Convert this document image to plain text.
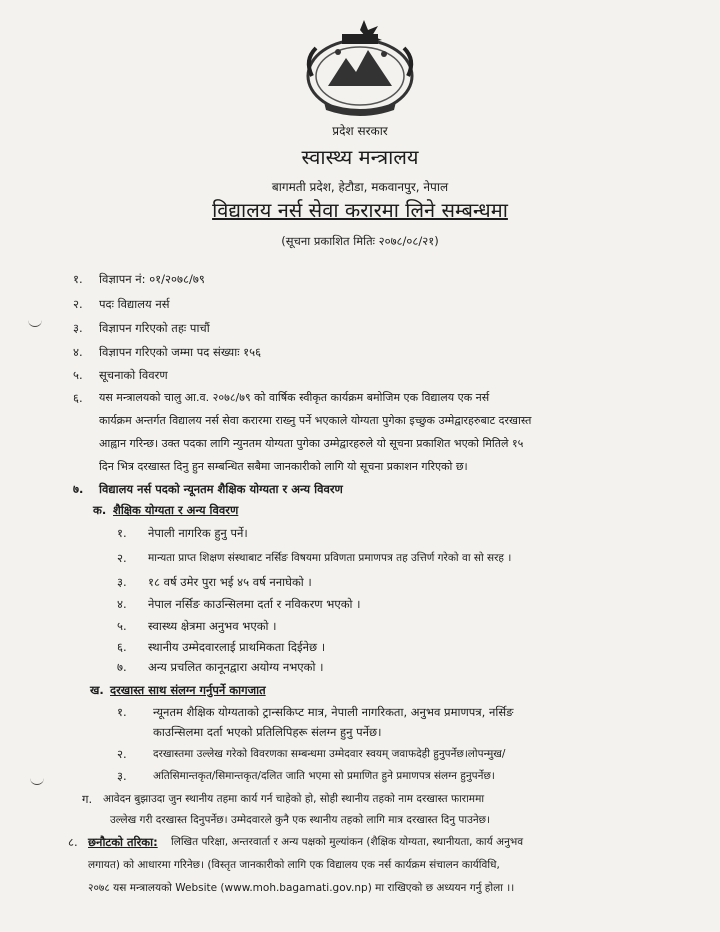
प्रदेश सरकार
स्वास्थ्य मन्त्रालय
बागमती प्रदेश, हेटौडा, मकवानपुर, नेपाल
विद्यालय नर्स सेवा करारमा लिने सम्बन्धमा
(सूचना प्रकाशित मितिः २०७८/०८/२१)
१. विज्ञापन नं: ०१/२०७८/७९
२. पदः विद्यालय नर्स
३. विज्ञापन गरिएको तहः पाचौं
४. विज्ञापन गरिएको जम्मा पद संख्याः १५६
५. सूचनाको विवरण
६. यस मन्त्रालयको चालु आ.व. २०७८/७९ को वार्षिक स्वीकृत कार्यक्रम बमोजिम एक विद्यालय एक नर्स
कार्यक्रम अन्तर्गत विद्यालय नर्स सेवा करारमा राख्नु पर्ने भएकाले योग्यता पुगेका इच्छुक उम्मेद्वारहरुबाट दरखास्त
आह्वान गरिन्छ। उक्त पदका लागि न्युनतम योग्यता पुगेका उम्मेद्वारहरुले यो सूचना प्रकाशित भएको मितिले १५
दिन भित्र दरखास्त दिनु हुन सम्बन्धित सबैमा जानकारीको लागि यो सूचना प्रकाशन गरिएको छ।
७. विद्यालय नर्स पदको न्यूनतम शैक्षिक योग्यता र अन्य विवरण
क. शैक्षिक योग्यता र अन्य विवरण
१. नेपाली नागरिक हुनु पर्ने।
२. मान्यता प्राप्त शिक्षण संस्थाबाट नर्सिङ विषयमा प्रविणता प्रमाणपत्र तह उत्तिर्ण गरेको वा सो सरह ।
३. १८ वर्ष उमेर पुरा भई ४५ वर्ष ननाघेको ।
४. नेपाल नर्सिङ काउन्सिलमा दर्ता र नविकरण भएको ।
५. स्वास्थ्य क्षेत्रमा अनुभव भएको ।
६. स्थानीय उम्मेदवारलाई प्राथमिकता दिईनेछ ।
७. अन्य प्रचलित कानूनद्वारा अयोग्य नभएको ।
ख. दरखास्त साथ संलग्न गर्नुपर्ने कागजात
१. न्यूनतम शैक्षिक योग्यताको ट्रान्सकिप्ट मात्र, नेपाली नागरिकता, अनुभव प्रमाणपत्र, नर्सिङ
काउन्सिलमा दर्ता भएको प्रतिलिपिहरू संलग्न हुनु पर्नेछ।
२.	दरखास्तमा उल्लेख गरेको विवरणका सम्बन्धमा उम्मेदवार स्वयम् जवाफदेही हुनुपर्नेछ।लोपन्मुख/
३.	अतिसिमान्तकृत/सिमान्तकृत/दलित जाति भएमा सो प्रमाणित हुने प्रमाणपत्र संलग्न हुनुपर्नेछ।
ग. आवेदन बुझाउदा जुन स्थानीय तहमा कार्य गर्न चाहेको हो, सोही स्थानीय तहको नाम दरखास्त फाराममा
उल्लेख गरी दरखास्त दिनुपर्नेछ। उम्मेदवारले कुनै एक स्थानीय तहको लागि मात्र दरखास्त दिनु पाउनेछ।
८. छनौटको तरिका: लिखित परिक्षा, अन्तरवार्ता र अन्य पक्षको मुल्यांकन (शैक्षिक योग्यता, स्थानीयता, कार्य अनुभव
लगायत) को आधारमा गरिनेछ। (विस्तृत जानकारीको लागि एक विद्यालय एक नर्स कार्यक्रम संचालन कार्यविधि,
२०७८ यस मन्त्रालयको Website (www.moh.bagamati.gov.np) मा राखिएको छ अध्ययन गर्नु होला ।।
